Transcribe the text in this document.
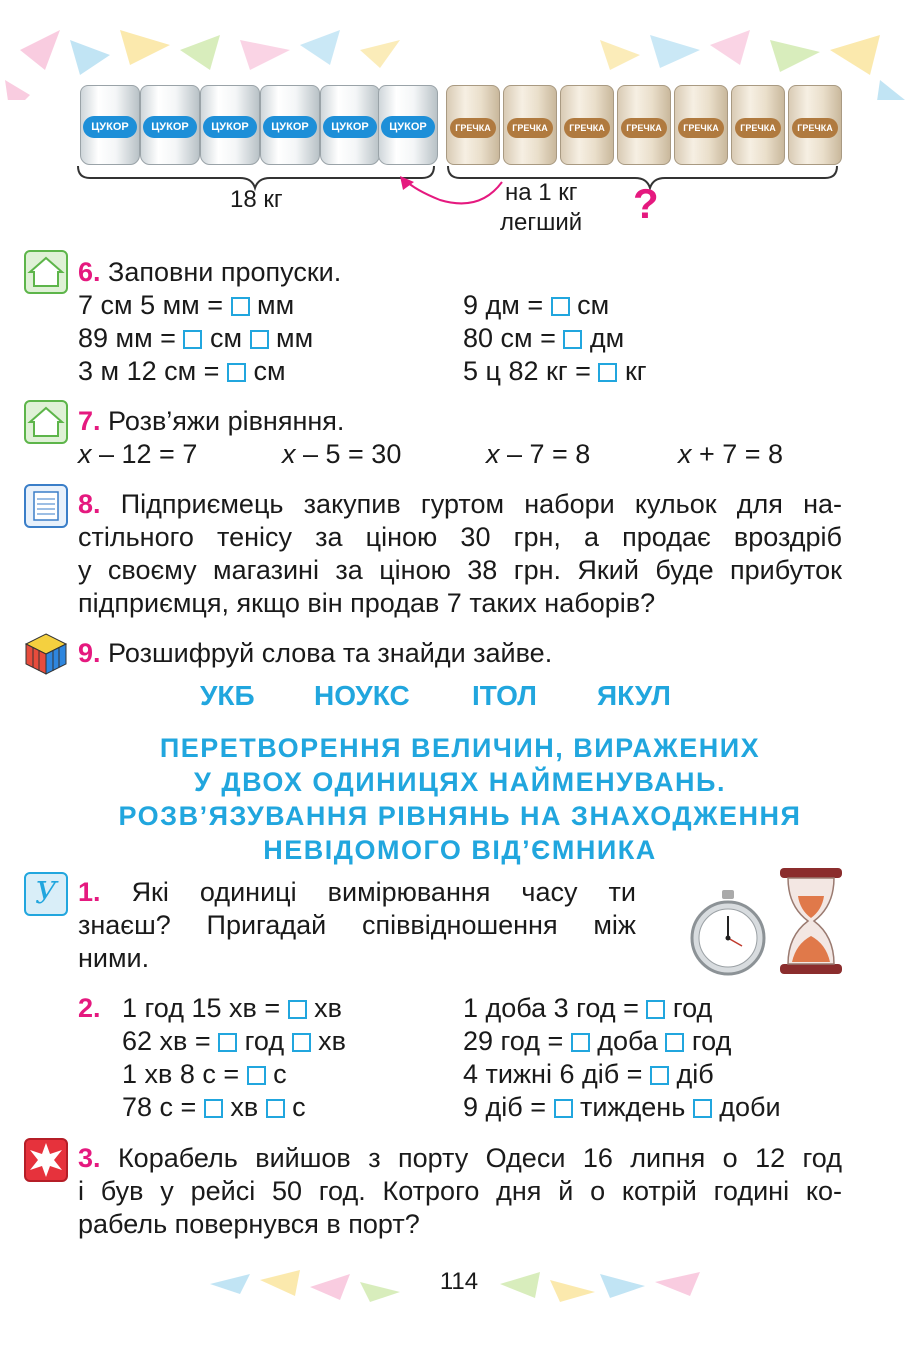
ЦУКОР	ЦУКОР	ЦУКОР	ЦУКОР	ЦУКОР	ЦУКОР	ГРЕЧКА	ГРЕЧКА	ГРЕЧКА	ГРЕЧКА	ГРЕЧКА	ГРЕЧКА	ГРЕЧКА
18 кг	на 1 кг
легший ?
6. Заповни пропуски.
7 см 5 мм =  мм
89 мм =  см  мм
3 м 12 см =  см
9 дм =  см
80 см =  дм
5 ц 82 кг =  кг
7. Розв’яжи рівняння.
x – 12 = 7	x – 5 = 30	x – 7 = 8	x + 7 = 8
8. Підприємець закупив гуртом набори кульок для на-
стільного тенісу за ціною 30 грн, а продає вроздріб
у своєму магазині за ціною 38 грн. Який буде прибуток
підприємця, якщо він продав 7 таких наборів?
9. Розшифруй слова та знайди зайве.
УКБ НОУКС ІТОЛ ЯКУЛ
ПЕРЕТВОРЕННЯ ВЕЛИЧИН, ВИРАЖЕНИХ
У ДВОХ ОДИНИЦЯХ НАЙМЕНУВАНЬ.
РОЗВ’ЯЗУВАННЯ РІВНЯНЬ НА ЗНАХОДЖЕННЯ
НЕВІДОМОГО ВІД’ЄМНИКА
У 1. Які одиниці вимірювання часу ти
знаєш? Пригадай співвідношення між
ними.
2. 1 год 15 хв =  хв
62 хв =  год  хв
1 хв 8 с =  с
78 с =  хв  с
1 доба 3 год =  год
29 год =  доба  год
4 тижні 6 діб =  діб
9 діб =  тиждень  доби
3. Корабель вийшов з порту Одеси 16 липня о 12 год
і був у рейсі 50 год. Котрого дня й о котрій годині ко-
рабель повернувся в порт?
114
